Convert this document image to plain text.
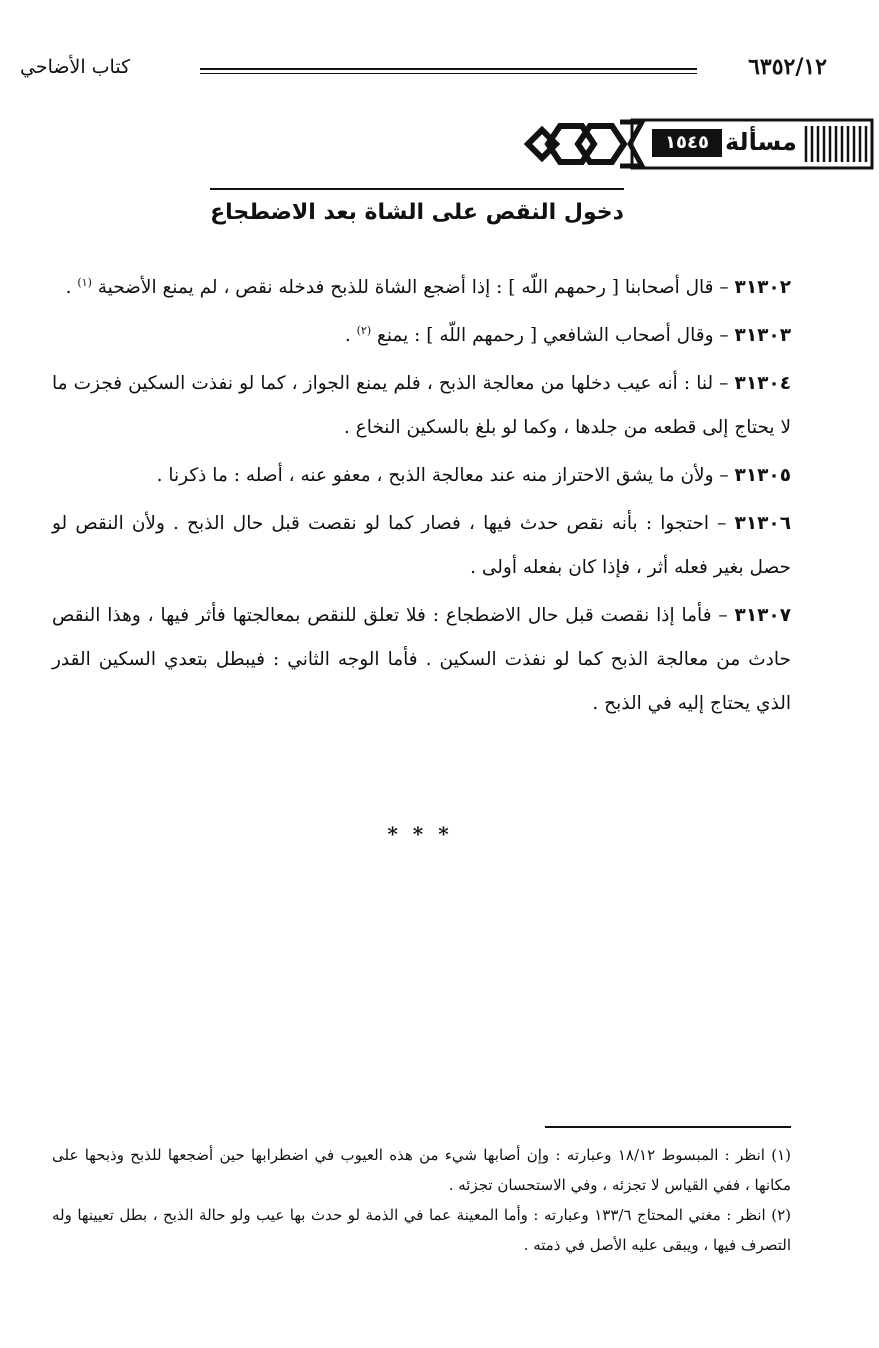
٦٣٥٢/١٢
كتاب الأضاحي
مسألة
١٥٤٥
دخول النقص على الشاة بعد الاضطجاع

٣١٣٠٢ – قال أصحابنا [ رحمهم اللّه ] : إذا أضجع الشاة للذبح فدخله نقص ، لم يمنع الأضحية $^{(١)}$ .

٣١٣٠٣ – وقال أصحاب الشافعي [ رحمهم اللّه ] : يمنع $^{(٢)}$ .

٣١٣٠٤ – لنا : أنه عيب دخلها من معالجة الذبح ، فلم يمنع الجواز ، كما لو نفذت السكين فجزت ما لا يحتاج إلى قطعه من جلدها ، وكما لو بلغ بالسكين النخاع .

٣١٣٠٥ – ولأن ما يشق الاحتراز منه عند معالجة الذبح ، معفو عنه ، أصله : ما ذكرنا .

٣١٣٠٦ – احتجوا : بأنه نقص حدث فيها ، فصار كما لو نقصت قبل حال الذبح . ولأن النقص لو حصل بغير فعله أثر ، فإذا كان بفعله أولى .

٣١٣٠٧ – فأما إذا نقصت قبل حال الاضطجاع : فلا تعلق للنقص بمعالجتها فأثر فيها ، وهذا النقص حادث من معالجة الذبح كما لو نفذت السكين . فأما الوجه الثاني : فيبطل بتعدي السكين القدر الذي يحتاج إليه في الذبح .

* * *

(١) انظر : المبسوط ١٨/١٢ وعبارته : وإن أصابها شيء من هذه العيوب في اضطرابها حين أضجعها للذبح وذبحها على مكانها ، ففي القياس لا تجزئه ، وفي الاستحسان تجزئه .

(٢) انظر : مغني المحتاج ١٣٣/٦ وعبارته : وأما المعينة عما في الذمة لو حدث بها عيب ولو حالة الذبح ، بطل تعيينها وله التصرف فيها ، ويبقى عليه الأصل في ذمته .
